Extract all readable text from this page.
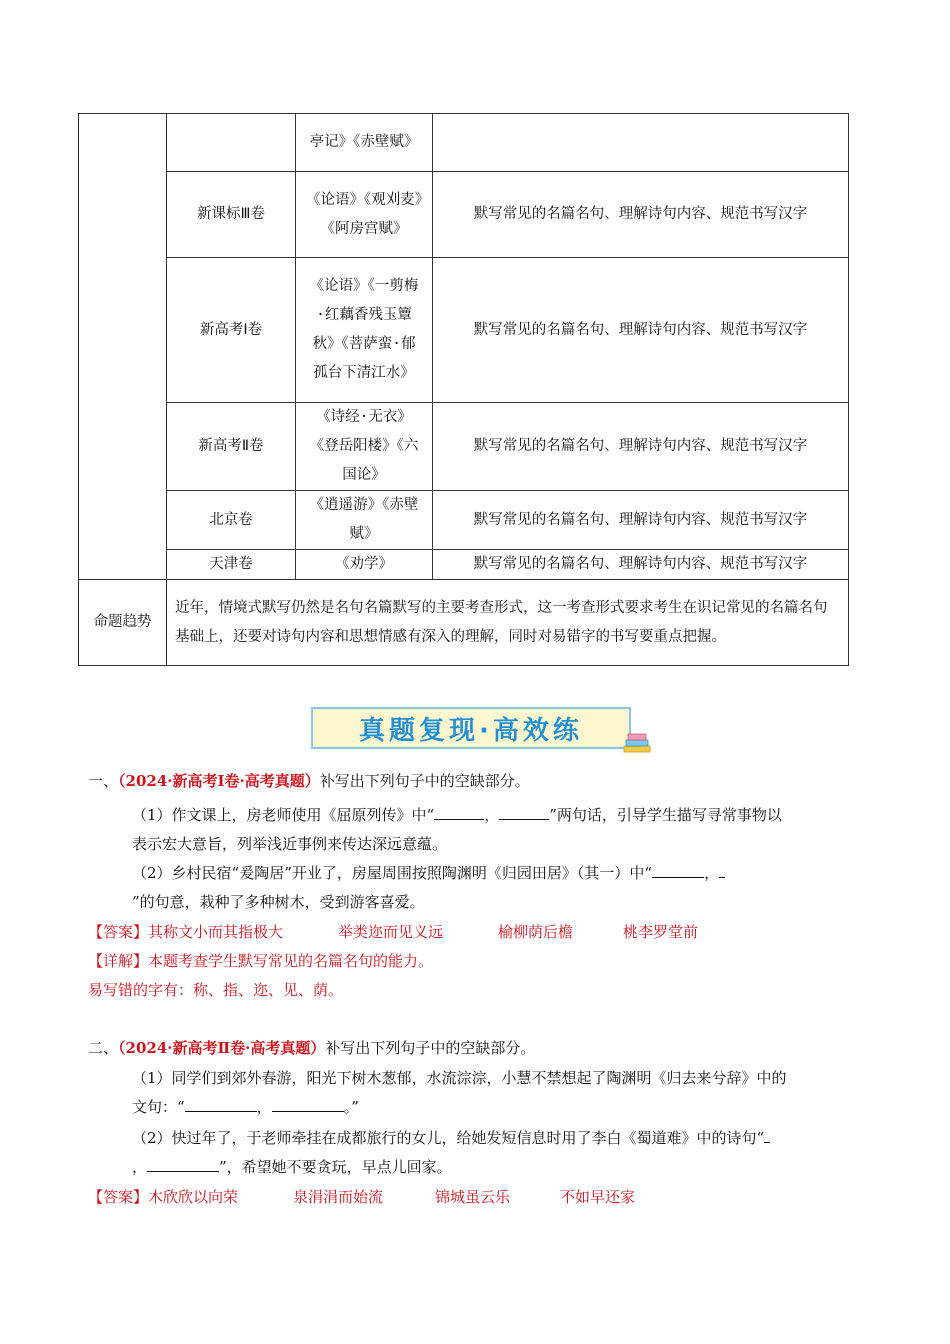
		亭记》《赤壁赋》	
	新课标Ⅲ卷	《论语》《观刈麦》《阿房宫赋》	默写常见的名篇名句、理解诗句内容、规范书写汉字
	新高考Ⅰ卷	《论语》《一剪梅·红藕香残玉簟秋》《菩萨蛮·郁孤台下清江水》	默写常见的名篇名句、理解诗句内容、规范书写汉字
	新高考Ⅱ卷	《诗经·无衣》《登岳阳楼》《六国论》	默写常见的名篇名句、理解诗句内容、规范书写汉字
	北京卷	《逍遥游》《赤壁赋》	默写常见的名篇名句、理解诗句内容、规范书写汉字
	天津卷	《劝学》	默写常见的名篇名句、理解诗句内容、规范书写汉字
命题趋势	近年，情境式默写仍然是名句名篇默写的主要考查形式，这一考查形式要求考生在识记常见的名篇名句基础上，还要对诗句内容和思想情感有深入的理解，同时对易错字的书写要重点把握。		
真题复现·高效练
一、（2024·新高考Ⅰ卷·高考真题）补写出下列句子中的空缺部分。
（1）作文课上，房老师使用《屈原列传》中“	，	”两句话，引导学生描写寻常事物以
表示宏大意旨，列举浅近事例来传达深远意蕴。
（2）乡村民宿“爰陶居”开业了，房屋周围按照陶渊明《归园田居》（其一）中“	，
”的句意，栽种了多种树木，受到游客喜爱。
【答案】其称文小而其指极大	举类迩而见义远	榆柳荫后檐	桃李罗堂前
【详解】本题考查学生默写常见的名篇名句的能力。
易写错的字有：称、指、迩、见、荫。
二、（2024·新高考Ⅱ卷·高考真题）补写出下列句子中的空缺部分。
（1）同学们到郊外春游，阳光下树木葱郁，水流淙淙，小慧不禁想起了陶渊明《归去来兮辞》中的
文句：“	，	。”
（2）快过年了，于老师牵挂在成都旅行的女儿，给她发短信息时用了李白《蜀道难》中的诗句“
，	”，希望她不要贪玩，早点儿回家。
【答案】木欣欣以向荣	泉涓涓而始流	锦城虽云乐	不如早还家
